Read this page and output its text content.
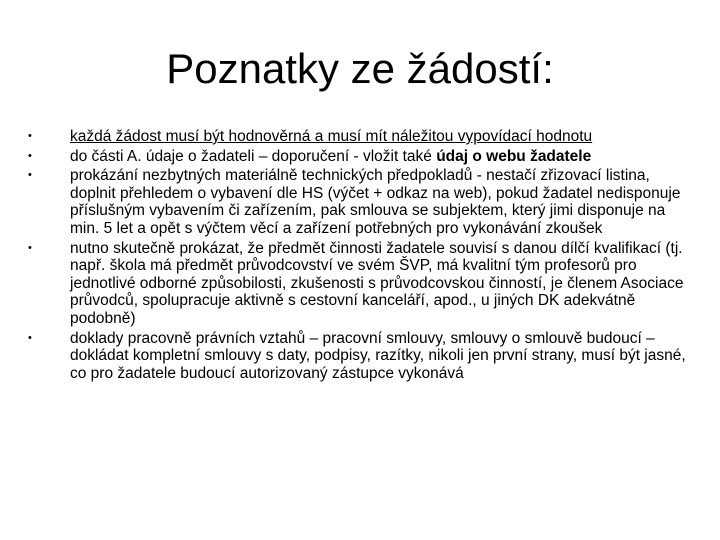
Poznatky ze žádostí:
• každá žádost musí být hodnověrná a musí mít náležitou vypovídací hodnotu
• do části A. údaje o žadateli – doporučení - vložit také údaj o webu žadatele
• prokázání nezbytných materiálně technických předpokladů - nestačí zřizovací listina, doplnit přehledem o vybavení dle HS (výčet + odkaz na web), pokud žadatel nedisponuje příslušným vybavením či zařízením, pak smlouva se subjektem, který jimi disponuje na min. 5 let a opět s výčtem věcí a zařízení potřebných pro vykonávání zkoušek
• nutno skutečně prokázat, že předmět činnosti žadatele souvisí s danou dílčí kvalifikací (tj. např. škola má předmět průvodcovství ve svém ŠVP, má kvalitní tým profesorů pro jednotlivé odborné způsobilosti, zkušenosti s průvodcovskou činností, je členem Asociace průvodců, spolupracuje aktivně s cestovní kanceláří, apod., u jiných DK adekvátně podobně)
• doklady pracovně právních vztahů – pracovní smlouvy, smlouvy o smlouvě budoucí – dokládat kompletní smlouvy s daty, podpisy, razítky, nikoli jen první strany, musí být jasné, co pro žadatele budoucí autorizovaný zástupce vykonává
